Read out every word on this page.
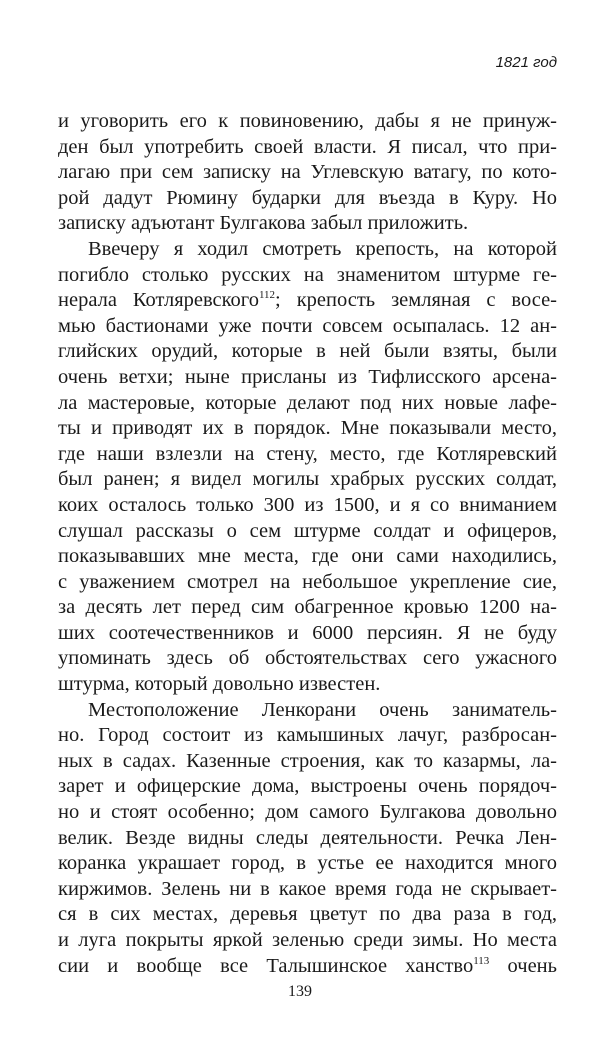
1821 год
и уговорить его к повиновению, дабы я не принуж-
ден был употребить своей власти. Я писал, что при-
лагаю при сем записку на Углевскую ватагу, по кото-
рой дадут Рюмину бударки для въезда в Куру. Но
записку адъютант Булгакова забыл приложить.
Ввечеру я ходил смотреть крепость, на которой
погибло столько русских на знаменитом штурме ге-
нерала Котляревского$^{112}$; крепость земляная с восе-
мью бастионами уже почти совсем осыпалась. 12 ан-
глийских орудий, которые в ней были взяты, были
очень ветхи; ныне присланы из Тифлисского арсена-
ла мастеровые, которые делают под них новые лафе-
ты и приводят их в порядок. Мне показывали место,
где наши взлезли на стену, место, где Котляревский
был ранен; я видел могилы храбрых русских солдат,
коих осталось только 300 из 1500, и я со вниманием
слушал рассказы о сем штурме солдат и офицеров,
показывавших мне места, где они сами находились,
с уважением смотрел на небольшое укрепление сие,
за десять лет перед сим обагренное кровью 1200 на-
ших соотечественников и 6000 персиян. Я не буду
упоминать здесь об обстоятельствах сего ужасного
штурма, который довольно известен.
Местоположение Ленкорани очень заниматель-
но. Город состоит из камышиных лачуг, разбросан-
ных в садах. Казенные строения, как то казармы, ла-
зарет и офицерские дома, выстроены очень порядоч-
но и стоят особенно; дом самого Булгакова довольно
велик. Везде видны следы деятельности. Речка Лен-
коранка украшает город, в устье ее находится много
киржимов. Зелень ни в какое время года не скрывает-
ся в сих местах, деревья цветут по два раза в год,
и луга покрыты яркой зеленью среди зимы. Но места
сии и вообще все Талышинское ханство$^{113}$ очень
139
